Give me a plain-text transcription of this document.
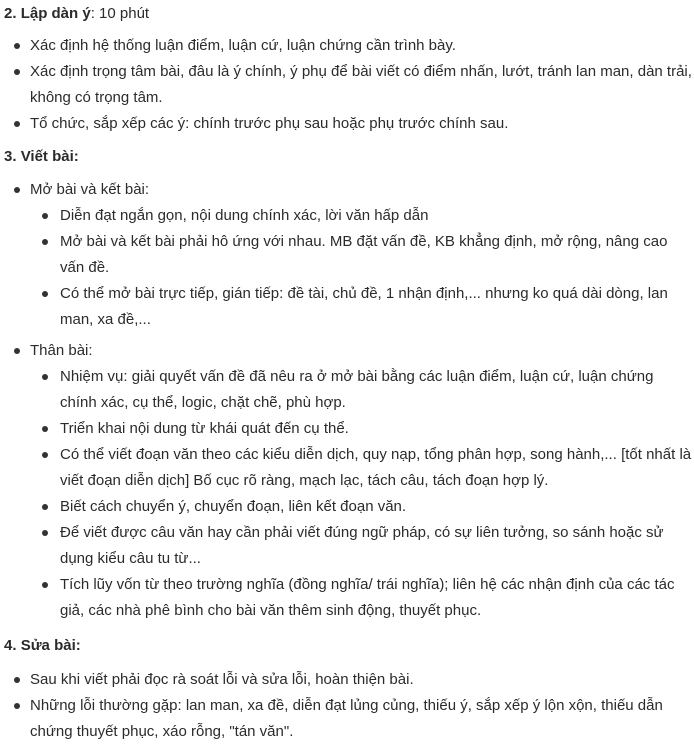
2. Lập dàn ý: 10 phút

Xác định hệ thống luận điểm, luận cứ, luận chứng cần trình bày.
Xác định trọng tâm bài, đâu là ý chính, ý phụ để bài viết có điểm nhấn, lướt, tránh lan man, dàn trải, không có trọng tâm.
Tổ chức, sắp xếp các ý: chính trước phụ sau hoặc phụ trước chính sau.

3. Viết bài:

Mở bài và kết bài:
Diễn đạt ngắn gọn, nội dung chính xác, lời văn hấp dẫn
Mở bài và kết bài phải hô ứng với nhau. MB đặt vấn đề, KB khẳng định, mở rộng, nâng cao vấn đề.
Có thể mở bài trực tiếp, gián tiếp: đề tài, chủ đề, 1 nhận định,... nhưng ko quá dài dòng, lan man, xa đề,...
Thân bài:
Nhiệm vụ: giải quyết vấn đề đã nêu ra ở mở bài bằng các luận điểm, luận cứ, luận chứng chính xác, cụ thể, logic, chặt chẽ, phù hợp.
Triển khai nội dung từ khái quát đến cụ thể.
Có thể viết đoạn văn theo các kiểu diễn dịch, quy nạp, tổng phân hợp, song hành,... [tốt nhất là viết đoạn diễn dịch] Bố cục rõ ràng, mạch lạc, tách câu, tách đoạn hợp lý.
Biết cách chuyển ý, chuyển đoạn, liên kết đoạn văn.
Để viết được câu văn hay cần phải viết đúng ngữ pháp, có sự liên tưởng, so sánh hoặc sử dụng kiểu câu tu từ...
Tích lũy vốn từ theo trường nghĩa (đồng nghĩa/ trái nghĩa); liên hệ các nhận định của các tác giả, các nhà phê bình cho bài văn thêm sinh động, thuyết phục.

4. Sửa bài:

Sau khi viết phải đọc rà soát lỗi và sửa lỗi, hoàn thiện bài.
Những lỗi thường gặp: lan man, xa đề, diễn đạt lủng củng, thiếu ý, sắp xếp ý lộn xộn, thiếu dẫn chứng thuyết phục, xáo rỗng, "tán văn".
